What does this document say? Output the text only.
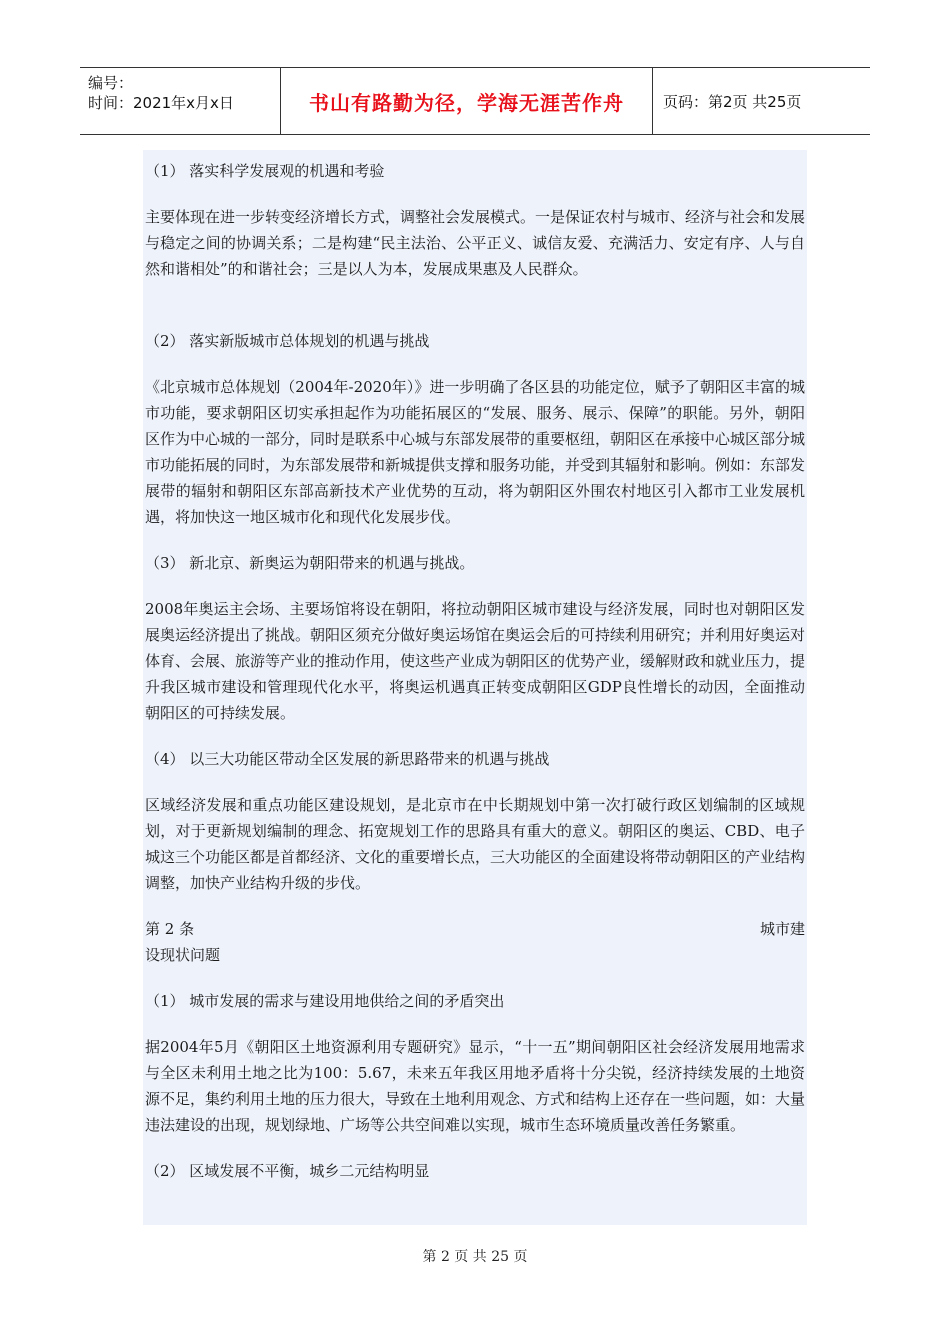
编号：
时间：2021年x月x日	书山有路勤为径，学海无涯苦作舟	页码：第2页 共25页

（1） 落实科学发展观的机遇和考验

主要体现在进一步转变经济增长方式，调整社会发展模式。一是保证农村与城市、经济与社会和发展与稳定之间的协调关系；二是构建“民主法治、公平正义、诚信友爱、充满活力、安定有序、人与自然和谐相处”的和谐社会；三是以人为本，发展成果惠及人民群众。

（2） 落实新版城市总体规划的机遇与挑战

《北京城市总体规划（2004年-2020年）》进一步明确了各区县的功能定位，赋予了朝阳区丰富的城市功能，要求朝阳区切实承担起作为功能拓展区的“发展、服务、展示、保障”的职能。另外，朝阳区作为中心城的一部分，同时是联系中心城与东部发展带的重要枢纽，朝阳区在承接中心城区部分城市功能拓展的同时，为东部发展带和新城提供支撑和服务功能，并受到其辐射和影响。例如：东部发展带的辐射和朝阳区东部高新技术产业优势的互动，将为朝阳区外围农村地区引入都市工业发展机遇，将加快这一地区城市化和现代化发展步伐。

（3） 新北京、新奥运为朝阳带来的机遇与挑战。

2008年奥运主会场、主要场馆将设在朝阳，将拉动朝阳区城市建设与经济发展，同时也对朝阳区发展奥运经济提出了挑战。朝阳区须充分做好奥运场馆在奥运会后的可持续利用研究；并利用好奥运对体育、会展、旅游等产业的推动作用，使这些产业成为朝阳区的优势产业，缓解财政和就业压力，提升我区城市建设和管理现代化水平，将奥运机遇真正转变成朝阳区GDP良性增长的动因，全面推动朝阳区的可持续发展。

（4） 以三大功能区带动全区发展的新思路带来的机遇与挑战

区域经济发展和重点功能区建设规划，是北京市在中长期规划中第一次打破行政区划编制的区域规划，对于更新规划编制的理念、拓宽规划工作的思路具有重大的意义。朝阳区的奥运、CBD、电子城这三个功能区都是首都经济、文化的重要增长点，三大功能区的全面建设将带动朝阳区的产业结构调整，加快产业结构升级的步伐。

第 2 条	城市建

设现状问题

（1） 城市发展的需求与建设用地供给之间的矛盾突出

据2004年5月《朝阳区土地资源利用专题研究》显示，“十一五”期间朝阳区社会经济发展用地需求与全区未利用土地之比为100：5.67，未来五年我区用地矛盾将十分尖锐，经济持续发展的土地资源不足，集约利用土地的压力很大，导致在土地利用观念、方式和结构上还存在一些问题，如：大量违法建设的出现，规划绿地、广场等公共空间难以实现，城市生态环境质量改善任务繁重。

（2） 区域发展不平衡，城乡二元结构明显

第 2 页 共 25 页
